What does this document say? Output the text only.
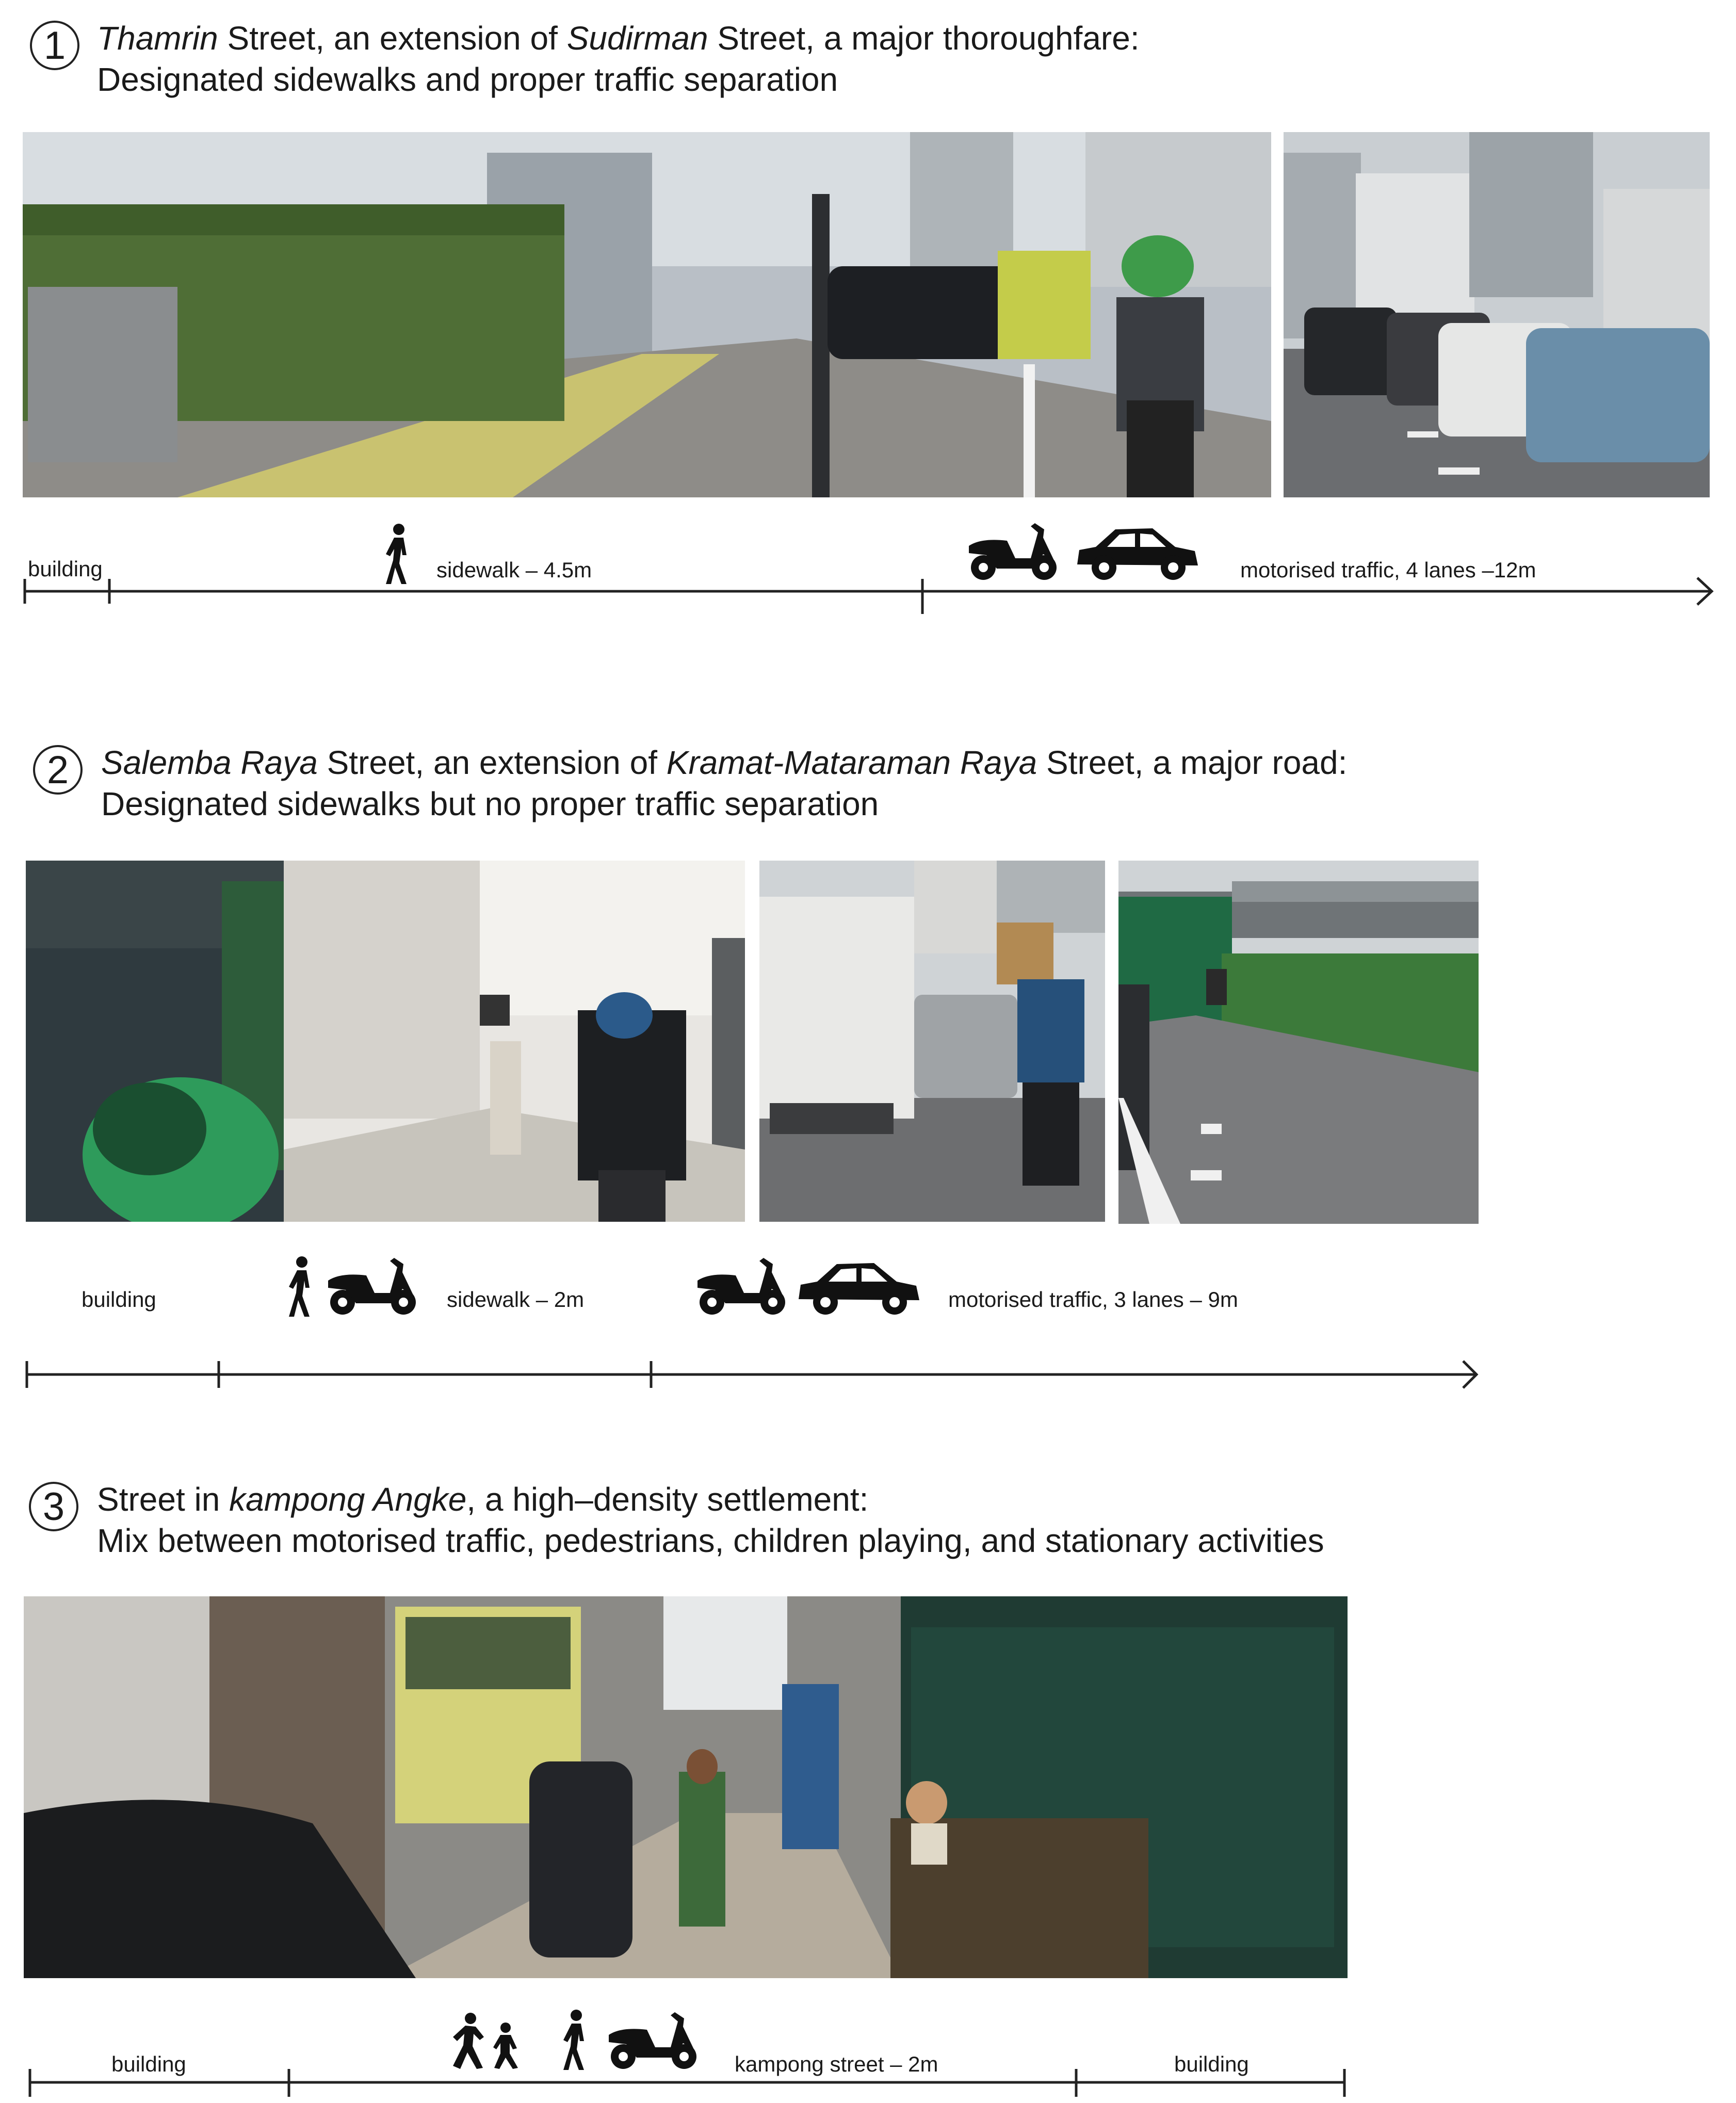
1 Thamrin Street, an extension of Sudirman Street, a major thoroughfare:
Designated sidewalks and proper traffic separation
building	sidewalk – 4.5m	motorised traffic, 4 lanes –12m
2 Salemba Raya Street, an extension of Kramat-Mataraman Raya Street, a major road:
Designated sidewalks but no proper traffic separation
building	sidewalk – 2m	motorised traffic, 3 lanes – 9m
3 Street in kampong Angke, a high–density settlement:
Mix between motorised traffic, pedestrians, children playing, and stationary activities
building	kampong street – 2m	building
